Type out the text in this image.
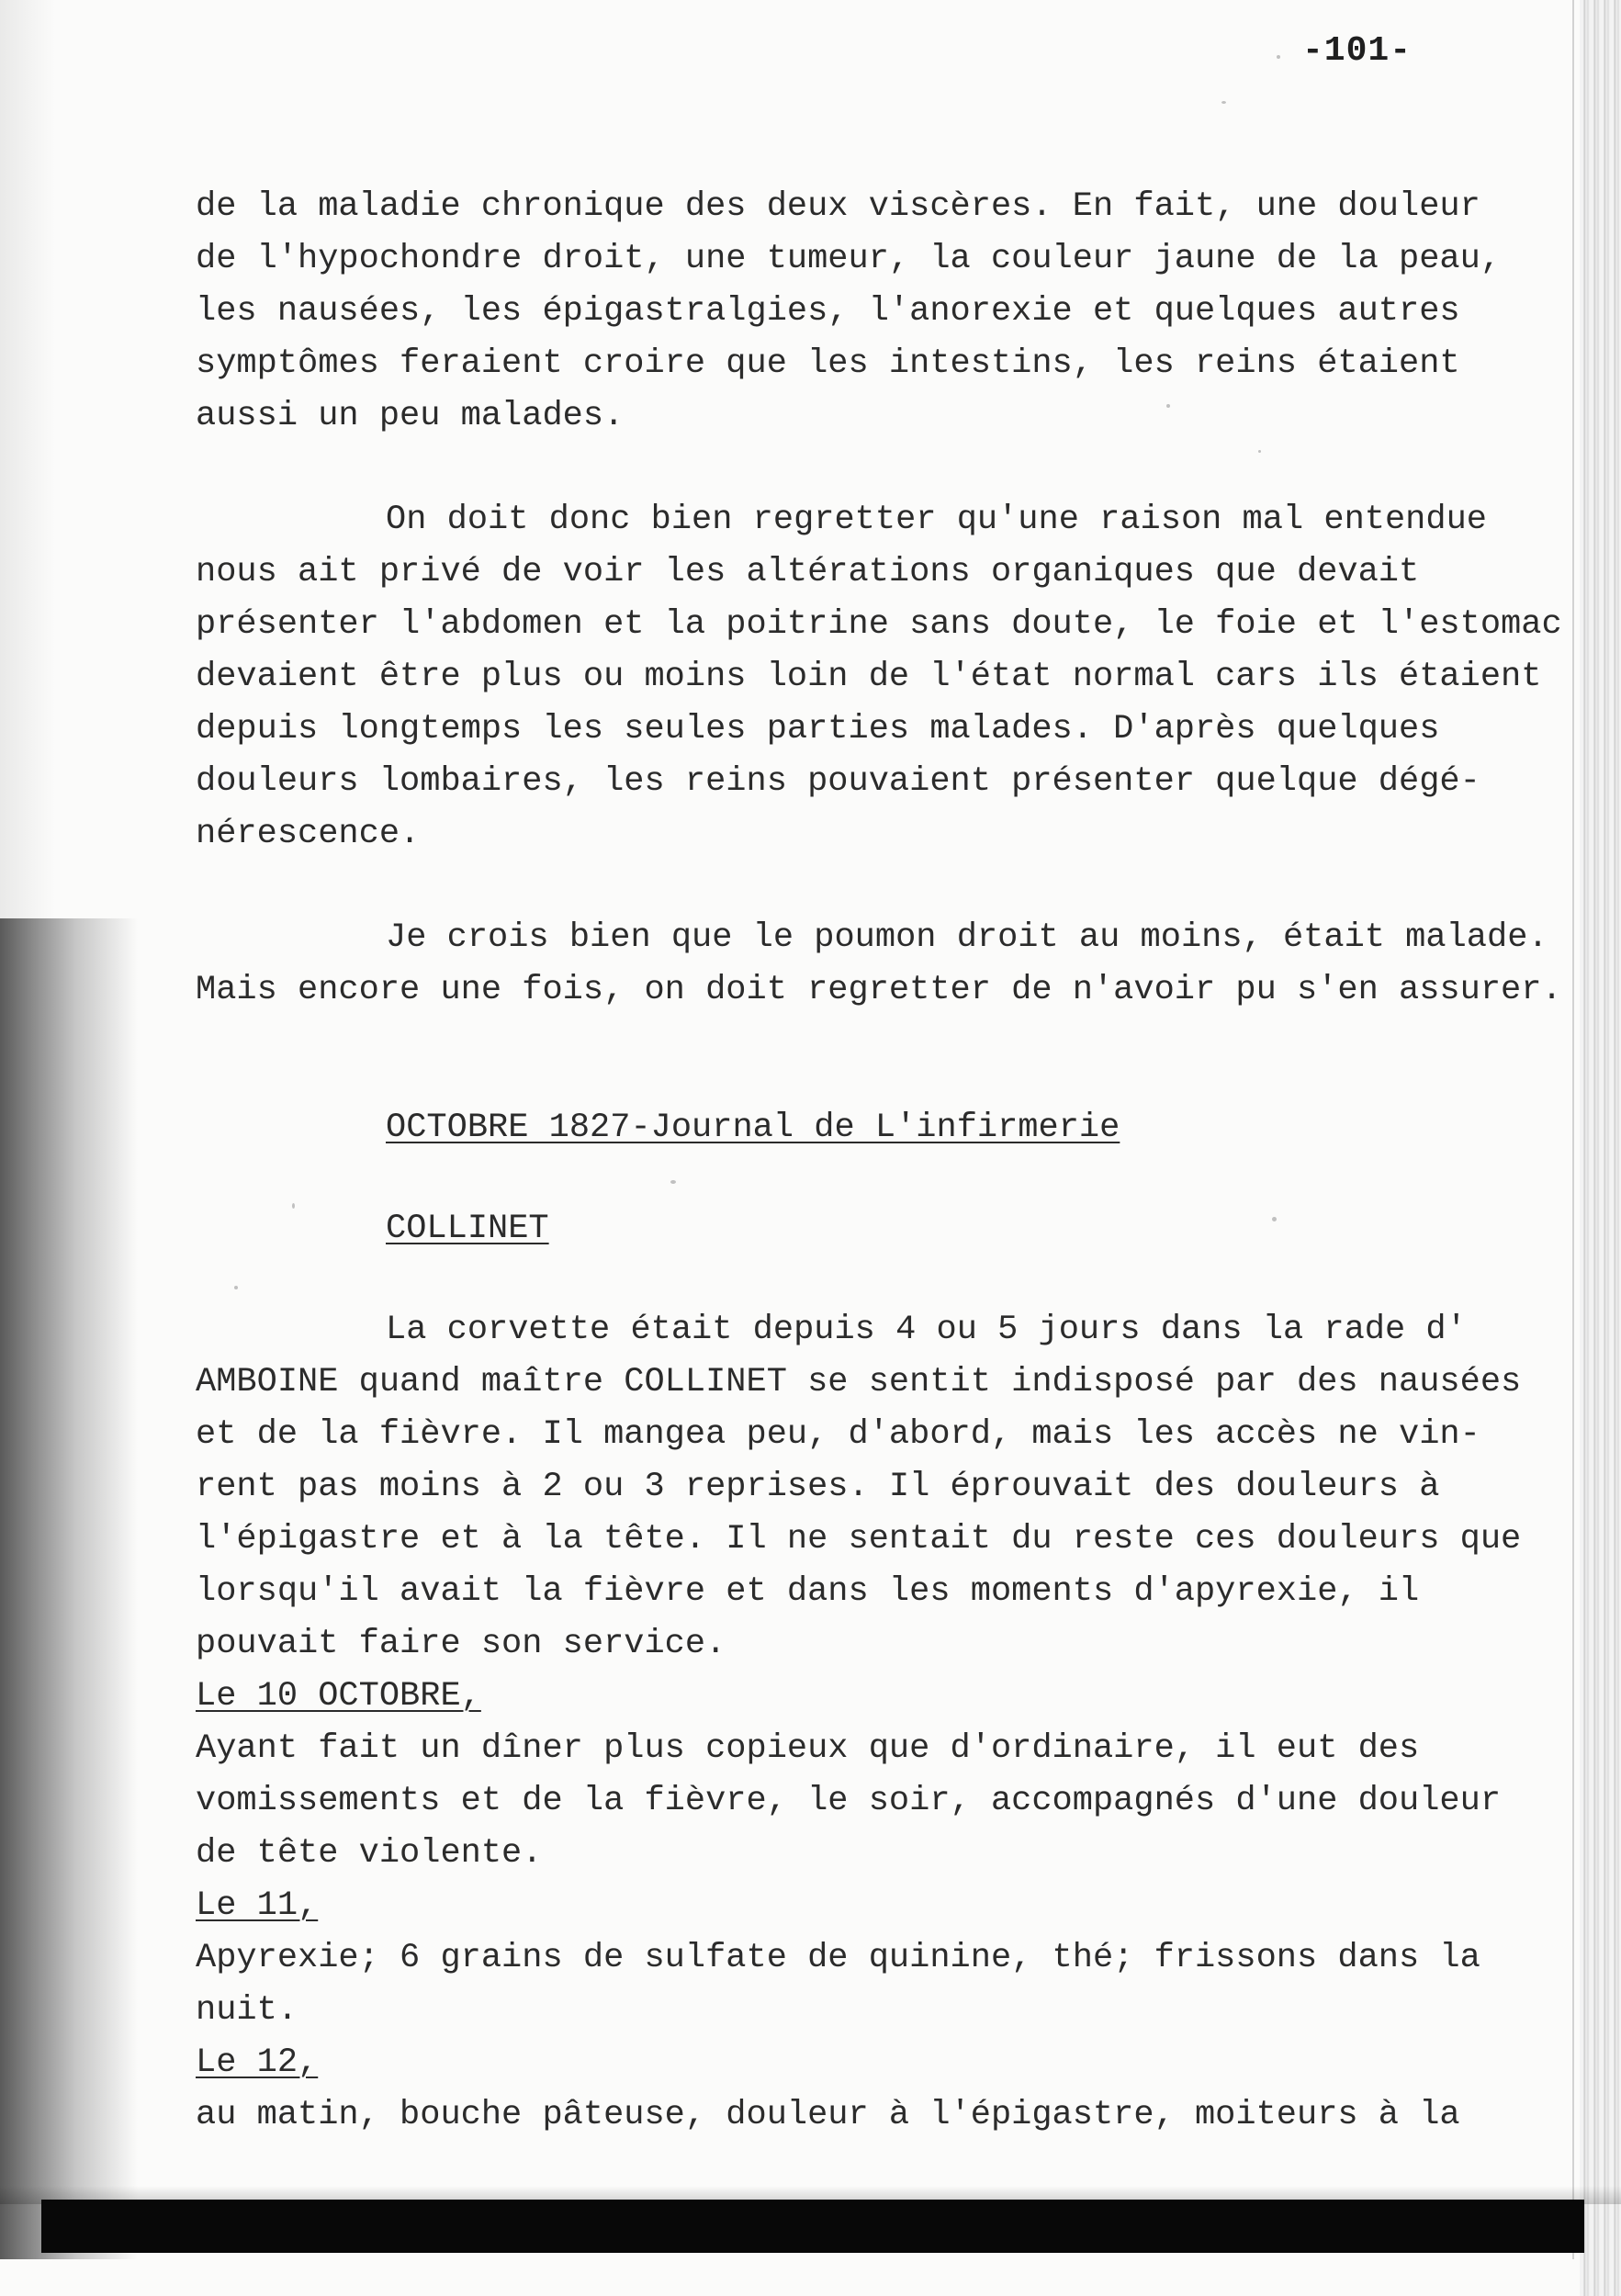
-101-
de la maladie chronique des deux viscères. En fait, une douleur
de l'hypochondre droit, une tumeur, la couleur jaune de la peau,
les nausées, les épigastralgies, l'anorexie et quelques autres
symptômes feraient croire que les intestins, les reins étaient
aussi un peu malades.
On doit donc bien regretter qu'une raison mal entendue
nous ait privé de voir les altérations organiques que devait
présenter l'abdomen et la poitrine sans doute, le foie et l'estomac
devaient être plus ou moins loin de l'état normal cars ils étaient
depuis longtemps les seules parties malades. D'après quelques
douleurs lombaires, les reins pouvaient présenter quelque dégé-
nérescence.
Je crois bien que le poumon droit au moins, était malade.
Mais encore une fois, on doit regretter de n'avoir pu s'en assurer.
OCTOBRE 1827-Journal de L'infirmerie
COLLINET
La corvette était depuis 4 ou 5 jours dans la rade d'
AMBOINE quand maître COLLINET se sentit indisposé par des nausées
et de la fièvre. Il mangea peu, d'abord, mais les accès ne vin-
rent pas moins à 2 ou 3 reprises. Il éprouvait des douleurs à
l'épigastre et à la tête. Il ne sentait du reste ces douleurs que
lorsqu'il avait la fièvre et dans les moments d'apyrexie, il
pouvait faire son service.
Le 10 OCTOBRE,
Ayant fait un dîner plus copieux que d'ordinaire, il eut des
vomissements et de la fièvre, le soir, accompagnés d'une douleur
de tête violente.
Le 11,
Apyrexie; 6 grains de sulfate de quinine, thé; frissons dans la
nuit.
Le 12,
au matin, bouche pâteuse, douleur à l'épigastre, moiteurs à la
